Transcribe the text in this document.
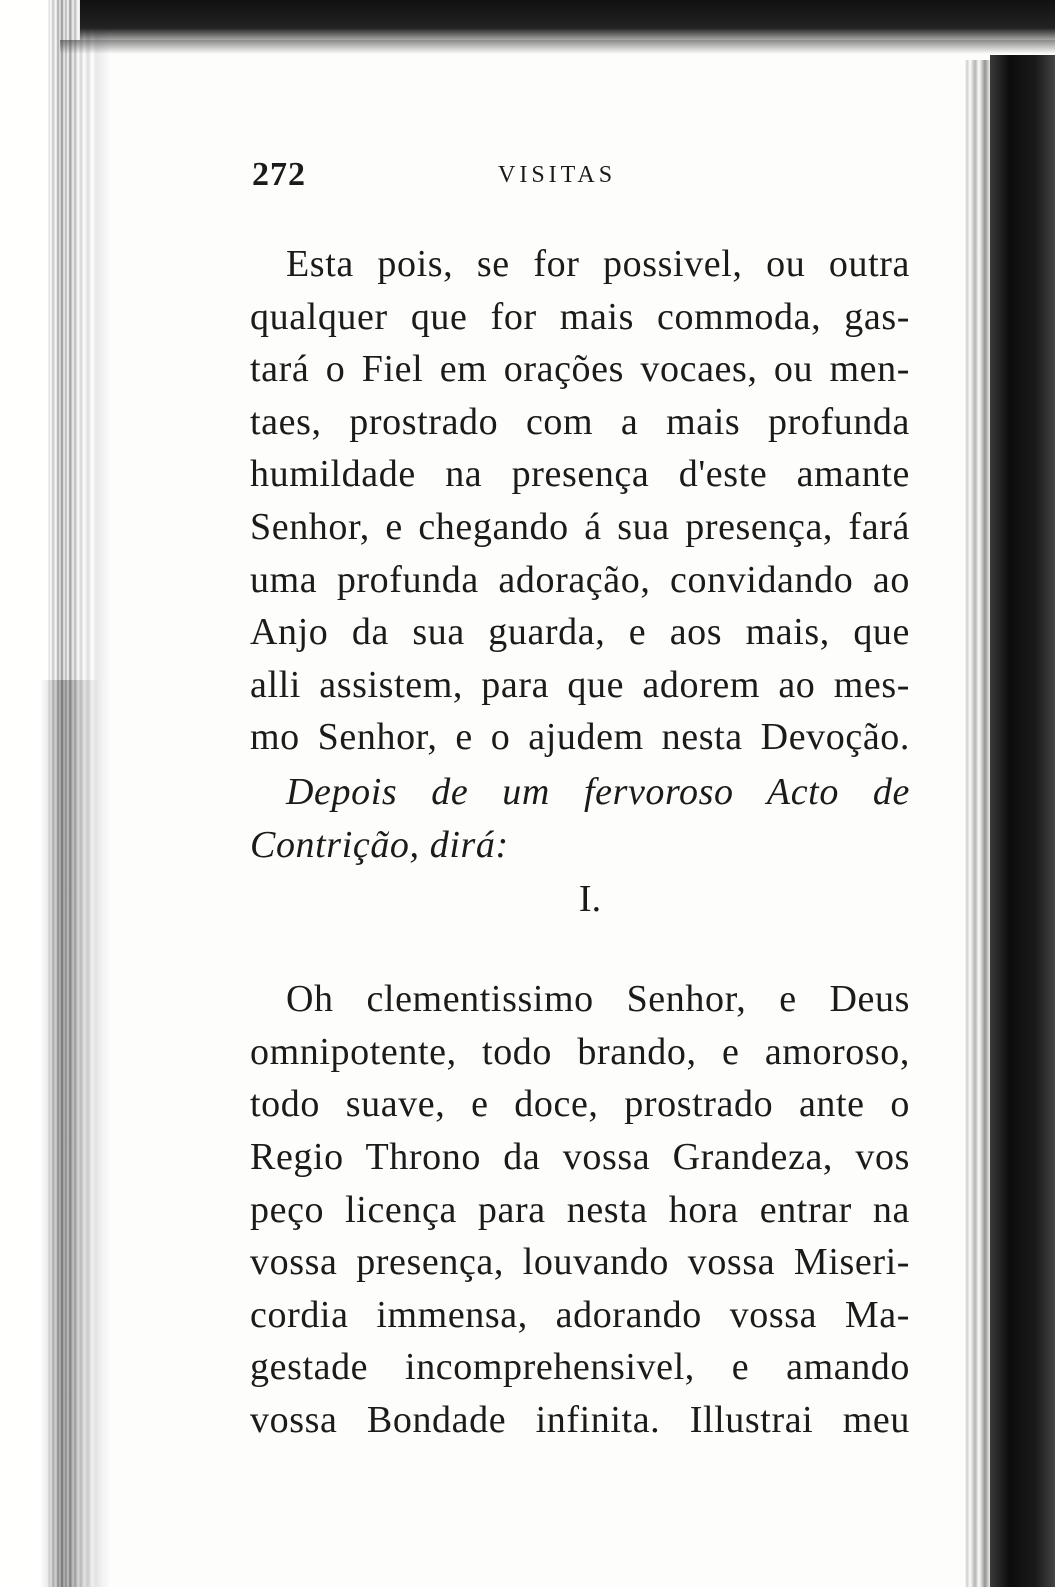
272	VISITAS

Esta pois, se for possivel, ou outra
qualquer que for mais commoda, gas-
tará o Fiel em orações vocaes, ou men-
taes, prostrado com a mais profunda
humildade na presença d'este amante
Senhor, e chegando á sua presença, fará
uma profunda adoração, convidando ao
Anjo da sua guarda, e aos mais, que
alli assistem, para que adorem ao mes-
mo Senhor, e o ajudem nesta Devoção.

Depois de um fervoroso Acto de
Contrição, dirá:
I.

Oh clementissimo Senhor, e Deus
omnipotente, todo brando, e amoroso,
todo suave, e doce, prostrado ante o
Regio Throno da vossa Grandeza, vos
peço licença para nesta hora entrar na
vossa presença, louvando vossa Miseri-
cordia immensa, adorando vossa Ma-
gestade incomprehensivel, e amando
vossa Bondade infinita. Illustrai meu
